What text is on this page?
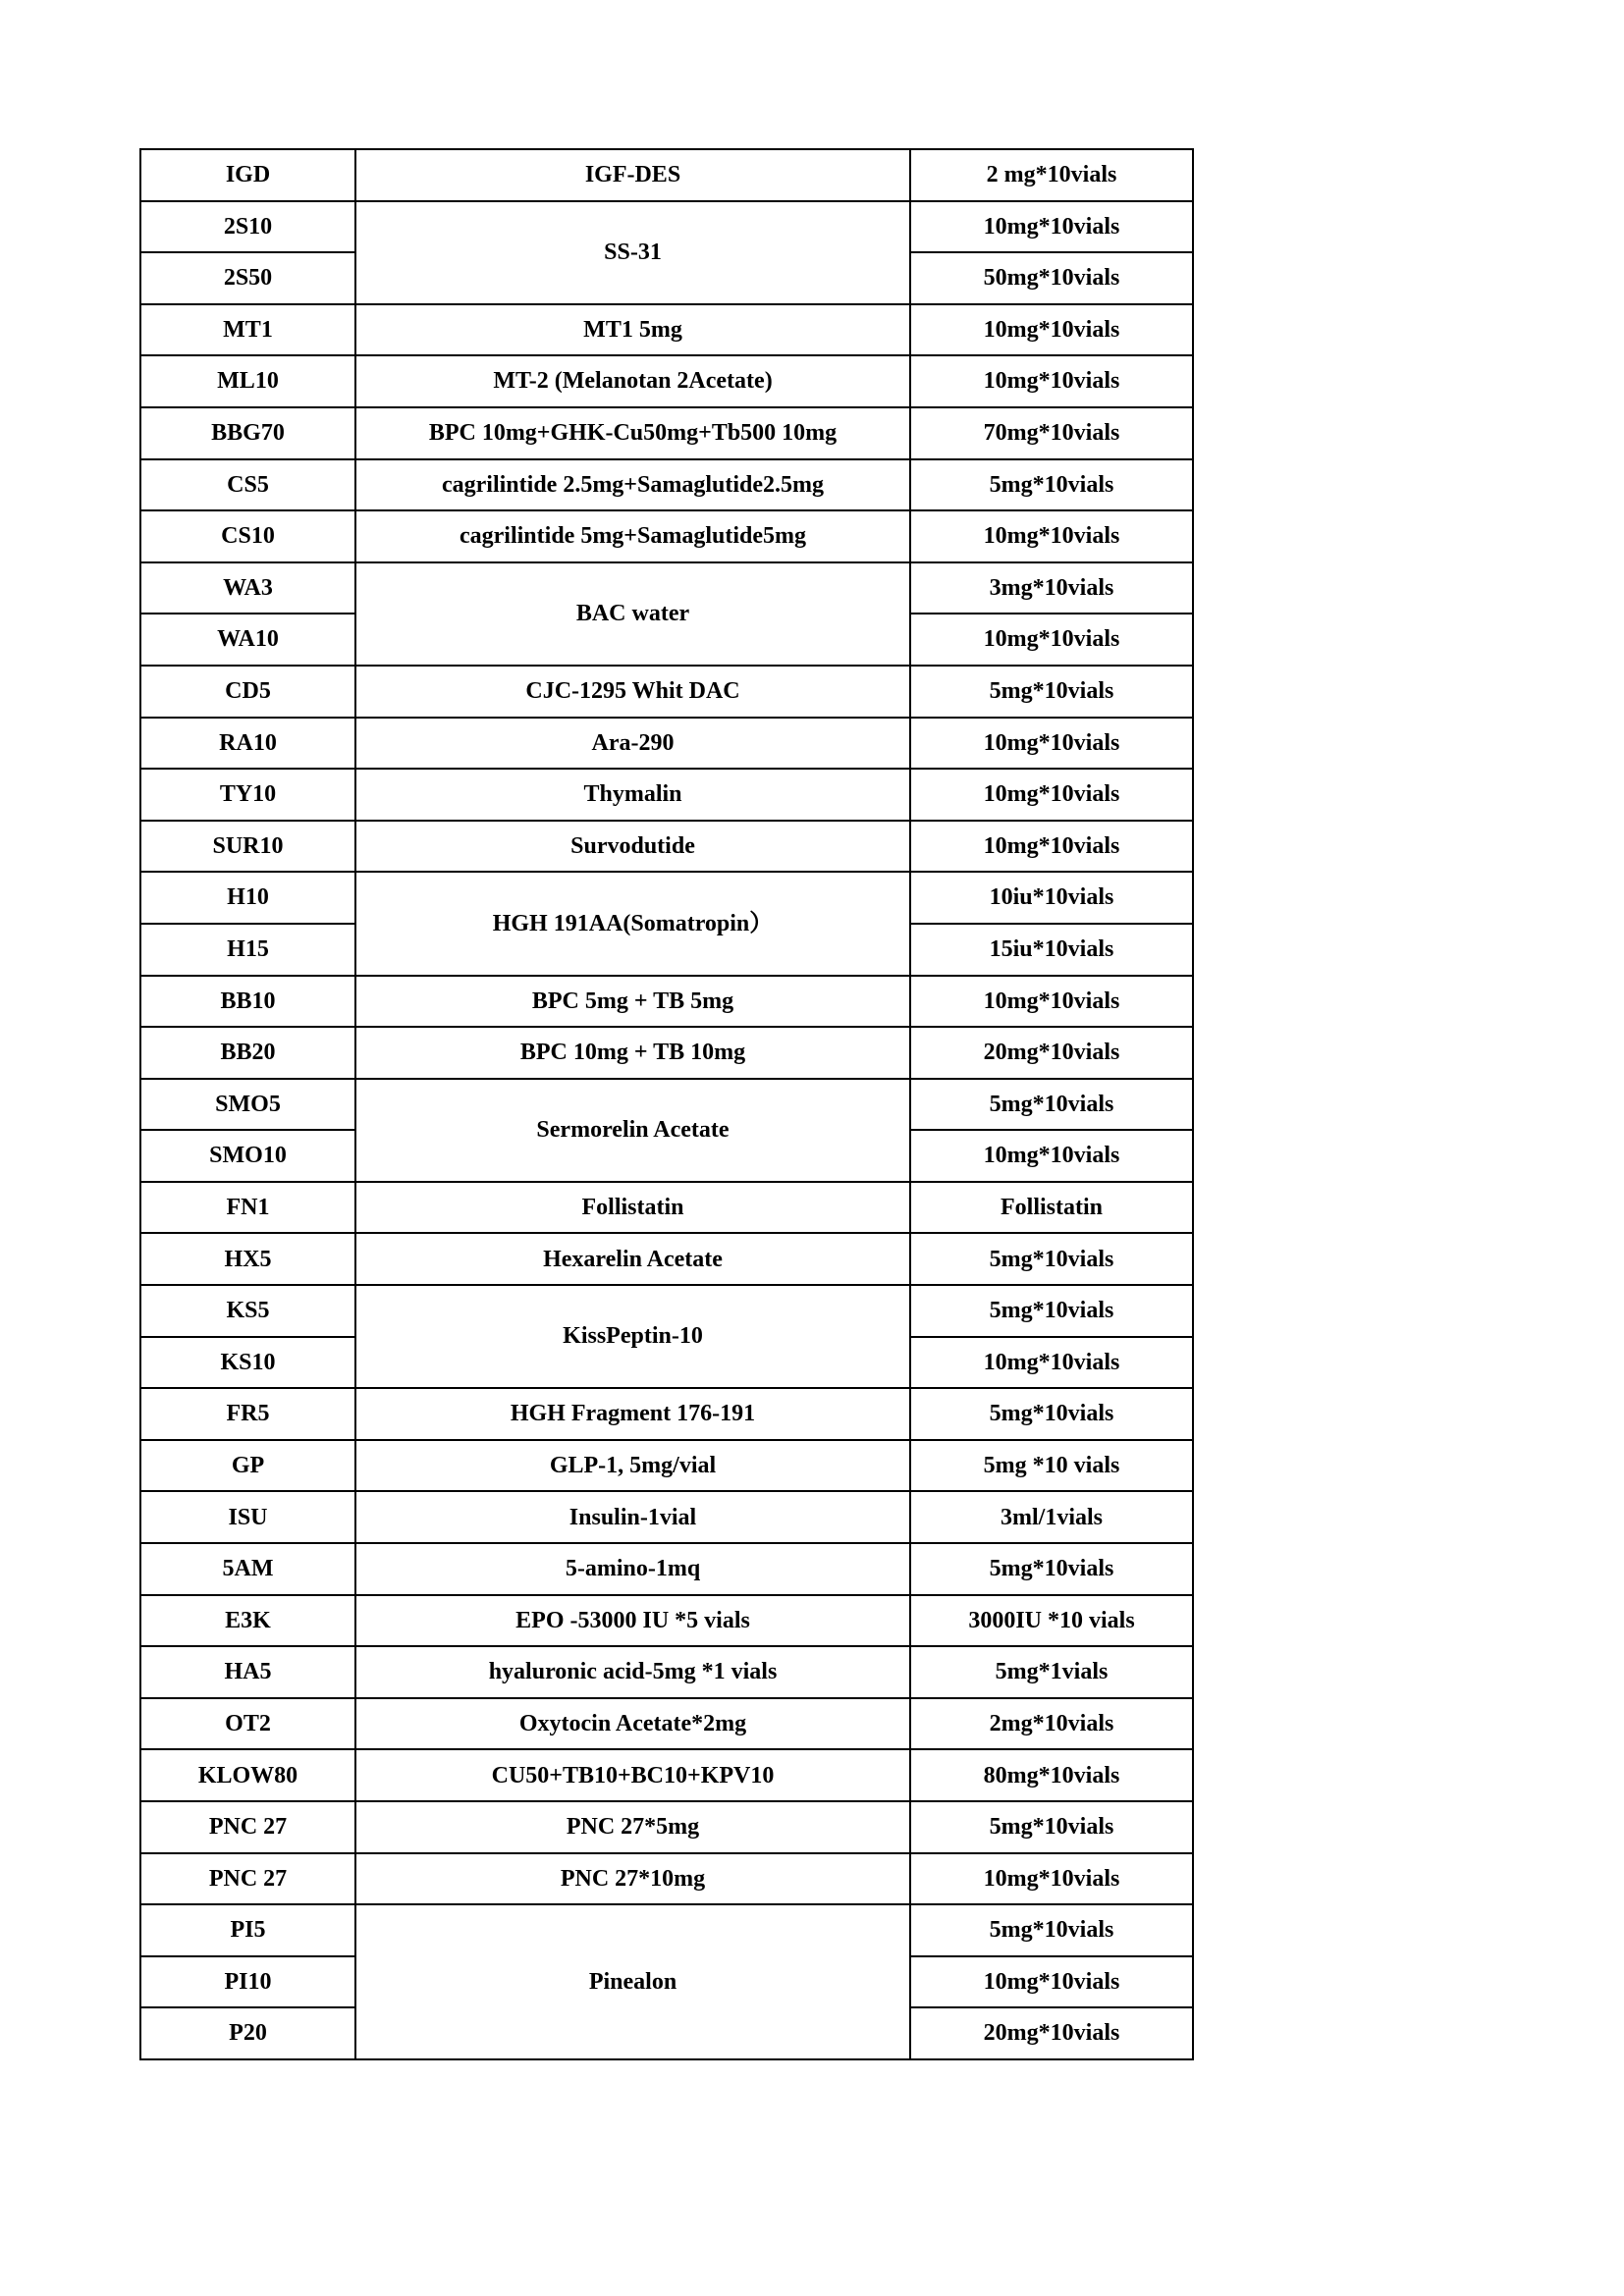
IGD	IGF-DES	2 mg*10vials
2S10	SS-31	10mg*10vials
2S50		50mg*10vials
MT1	MT1 5mg	10mg*10vials
ML10	MT-2 (Melanotan 2Acetate)	10mg*10vials
BBG70	BPC 10mg+GHK-Cu50mg+Tb500 10mg	70mg*10vials
CS5	cagrilintide 2.5mg+Samaglutide2.5mg	5mg*10vials
CS10	cagrilintide 5mg+Samaglutide5mg	10mg*10vials
WA3	BAC water	3mg*10vials
WA10		10mg*10vials
CD5	CJC-1295 Whit DAC	5mg*10vials
RA10	Ara-290	10mg*10vials
TY10	Thymalin	10mg*10vials
SUR10	Survodutide	10mg*10vials
H10	HGH 191AA(Somatropin）	10iu*10vials
H15		15iu*10vials
BB10	BPC 5mg + TB 5mg	10mg*10vials
BB20	BPC 10mg + TB 10mg	20mg*10vials
SMO5	Sermorelin Acetate	5mg*10vials
SMO10		10mg*10vials
FN1	Follistatin	Follistatin
HX5	Hexarelin Acetate	5mg*10vials
KS5	KissPeptin-10	5mg*10vials
KS10		10mg*10vials
FR5	HGH Fragment 176-191	5mg*10vials
GP	GLP-1, 5mg/vial	5mg *10 vials
ISU	Insulin-1vial	3ml/1vials
5AM	5-amino-1mq	5mg*10vials
E3K	EPO -53000 IU *5 vials	3000IU *10 vials
HA5	hyaluronic acid-5mg *1 vials	5mg*1vials
OT2	Oxytocin Acetate*2mg	2mg*10vials
KLOW80	CU50+TB10+BC10+KPV10	80mg*10vials
PNC 27	PNC 27*5mg	5mg*10vials
PNC 27	PNC 27*10mg	10mg*10vials
PI5	Pinealon	5mg*10vials
PI10		10mg*10vials
P20		20mg*10vials
